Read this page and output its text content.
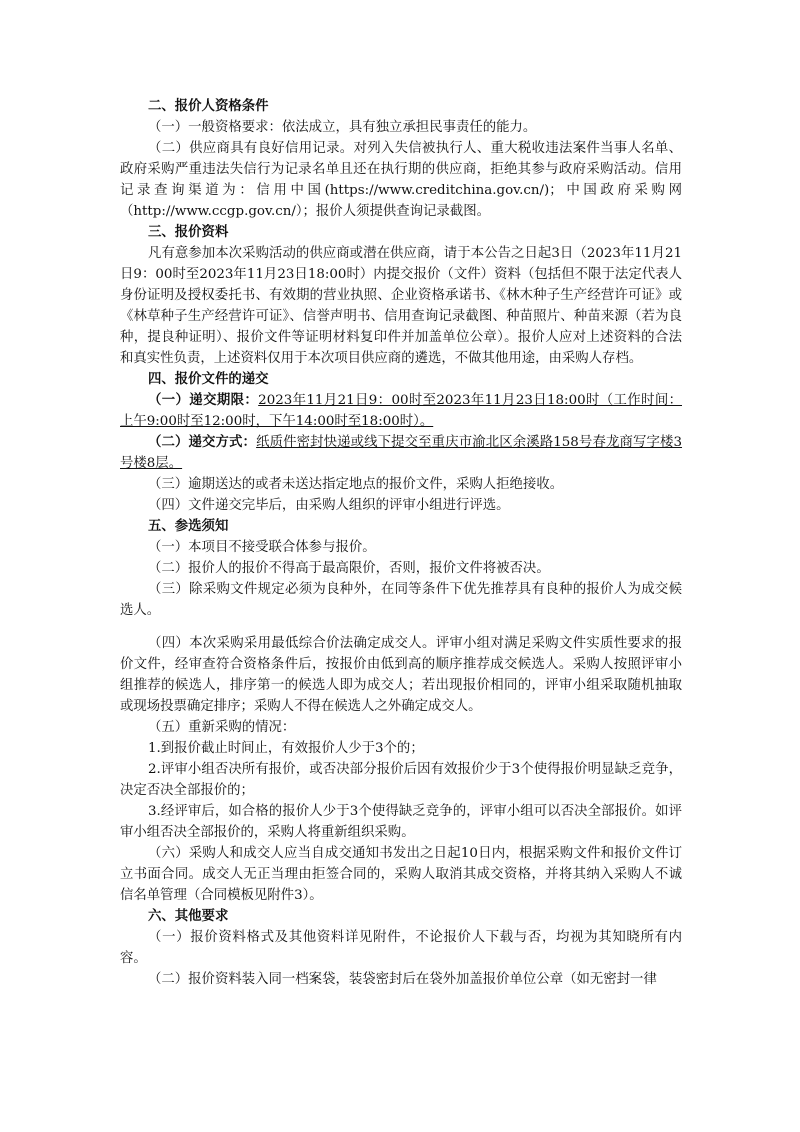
二、报价人资格条件

（一）一般资格要求：依法成立，具有独立承担民事责任的能力。

（二）供应商具有良好信用记录。对列入失信被执行人、重大税收违法案件当事人名单、政府采购严重违法失信行为记录名单且还在执行期的供应商，拒绝其参与政府采购活动。信用记录查询渠道为：信用中国(https://www.creditchina.gov.cn/)；中国政府采购网（http://www.ccgp.gov.cn/）；报价人须提供查询记录截图。

三、报价资料

凡有意参加本次采购活动的供应商或潜在供应商，请于本公告之日起3日（2023年11月21日9：00时至2023年11月23日18:00时）内提交报价（文件）资料（包括但不限于法定代表人身份证明及授权委托书、有效期的营业执照、企业资格承诺书、《林木种子生产经营许可证》或《林草种子生产经营许可证》、信誉声明书、信用查询记录截图、种苗照片、种苗来源（若为良种，提良种证明）、报价文件等证明材料复印件并加盖单位公章）。报价人应对上述资料的合法和真实性负责，上述资料仅用于本次项目供应商的遴选，不做其他用途，由采购人存档。

四、报价文件的递交

（一）递交期限：2023年11月21日9：00时至2023年11月23日18:00时（工作时间：上午9:00时至12:00时，下午14:00时至18:00时）。

（二）递交方式：纸质件密封快递或线下提交至重庆市渝北区余溪路158号春龙商写字楼3号楼8层。

（三）逾期送达的或者未送达指定地点的报价文件，采购人拒绝接收。

（四）文件递交完毕后，由采购人组织的评审小组进行评选。

五、参选须知

（一）本项目不接受联合体参与报价。

（二）报价人的报价不得高于最高限价，否则，报价文件将被否决。

（三）除采购文件规定必须为良种外，在同等条件下优先推荐具有良种的报价人为成交候选人。

（四）本次采购采用最低综合价法确定成交人。评审小组对满足采购文件实质性要求的报价文件，经审查符合资格条件后，按报价由低到高的顺序推荐成交候选人。采购人按照评审小组推荐的候选人，排序第一的候选人即为成交人；若出现报价相同的，评审小组采取随机抽取或现场投票确定排序；采购人不得在候选人之外确定成交人。

（五）重新采购的情况：

1.到报价截止时间止，有效报价人少于3个的；

2.评审小组否决所有报价，或否决部分报价后因有效报价少于3个使得报价明显缺乏竞争，决定否决全部报价的；

3.经评审后，如合格的报价人少于3个使得缺乏竞争的，评审小组可以否决全部报价。如评审小组否决全部报价的，采购人将重新组织采购。

（六）采购人和成交人应当自成交通知书发出之日起10日内，根据采购文件和报价文件订立书面合同。成交人无正当理由拒签合同的，采购人取消其成交资格，并将其纳入采购人不诚信名单管理（合同模板见附件3）。

六、其他要求

（一）报价资料格式及其他资料详见附件，不论报价人下载与否，均视为其知晓所有内容。

（二）报价资料装入同一档案袋，装袋密封后在袋外加盖报价单位公章（如无密封一律
